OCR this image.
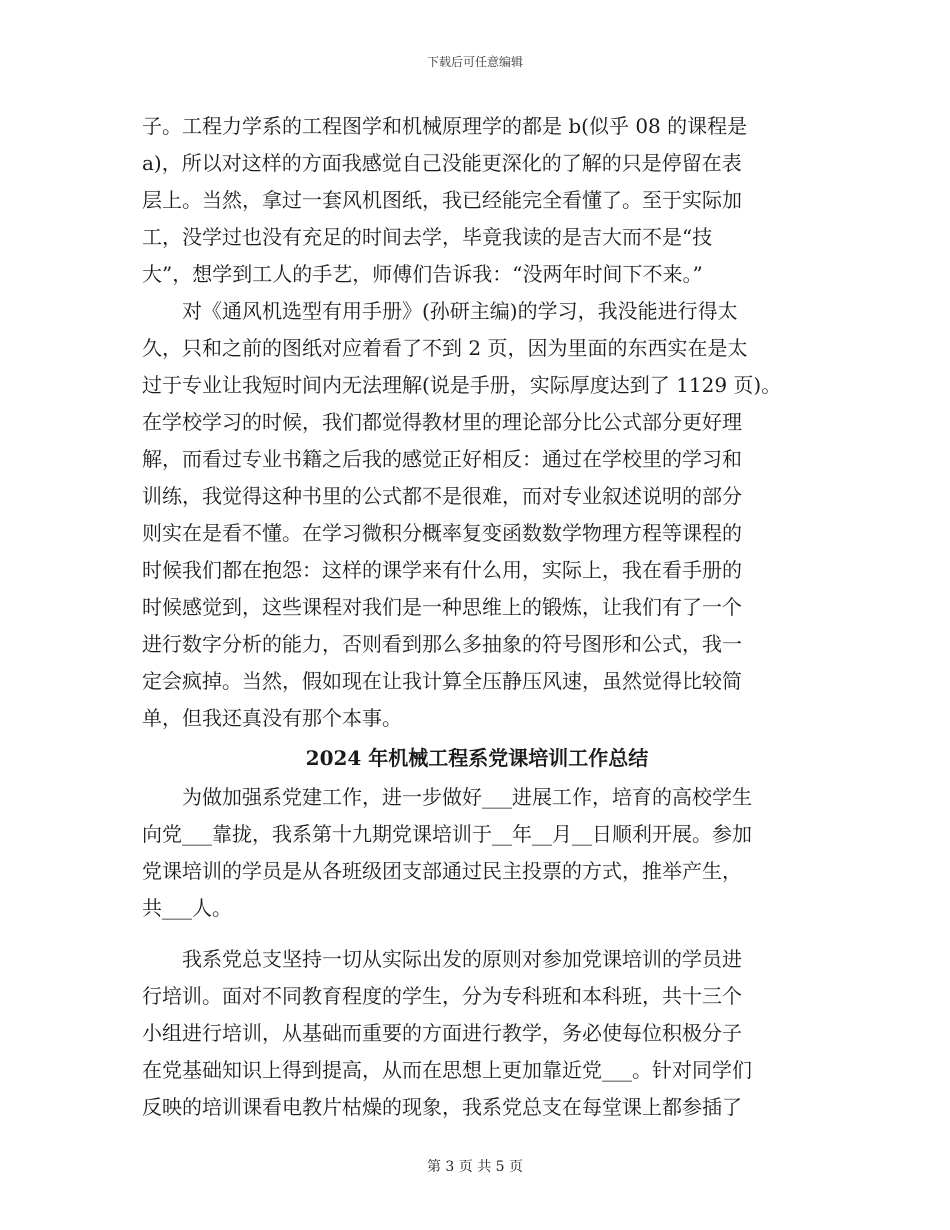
下载后可任意编辑
子。工程力学系的工程图学和机械原理学的都是 b(似乎 08 的课程是
a)，所以对这样的方面我感觉自己没能更深化的了解的只是停留在表
层上。当然，拿过一套风机图纸，我已经能完全看懂了。至于实际加
工，没学过也没有充足的时间去学，毕竟我读的是吉大而不是“技
大”，想学到工人的手艺，师傅们告诉我：“没两年时间下不来。”
　　对《通风机选型有用手册》(孙研主编)的学习，我没能进行得太
久，只和之前的图纸对应着看了不到 2 页，因为里面的东西实在是太
过于专业让我短时间内无法理解(说是手册，实际厚度达到了 1129 页)。
在学校学习的时候，我们都觉得教材里的理论部分比公式部分更好理
解，而看过专业书籍之后我的感觉正好相反：通过在学校里的学习和
训练，我觉得这种书里的公式都不是很难，而对专业叙述说明的部分
则实在是看不懂。在学习微积分概率复变函数数学物理方程等课程的
时候我们都在抱怨：这样的课学来有什么用，实际上，我在看手册的
时候感觉到，这些课程对我们是一种思维上的锻炼，让我们有了一个
进行数字分析的能力，否则看到那么多抽象的符号图形和公式，我一
定会疯掉。当然，假如现在让我计算全压静压风速，虽然觉得比较简
单，但我还真没有那个本事。
2024 年机械工程系党课培训工作总结
　　为做加强系党建工作，进一步做好___进展工作，培育的高校学生
向党___靠拢，我系第十九期党课培训于__年__月__日顺利开展。参加
党课培训的学员是从各班级团支部通过民主投票的方式，推举产生，
共___人。
　　我系党总支坚持一切从实际出发的原则对参加党课培训的学员进
行培训。面对不同教育程度的学生，分为专科班和本科班，共十三个
小组进行培训，从基础而重要的方面进行教学，务必使每位积极分子
在党基础知识上得到提高，从而在思想上更加靠近党___。针对同学们
反映的培训课看电教片枯燥的现象，我系党总支在每堂课上都参插了
第 3 页 共 5 页
